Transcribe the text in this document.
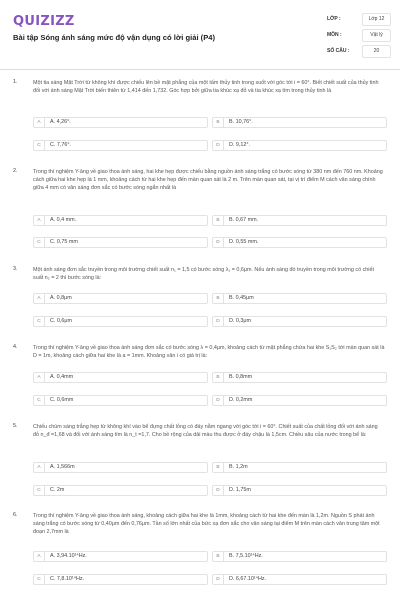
QUIZIZZ
Bài tập Sóng ánh sáng mức độ vận dụng có lời giải (P4)
LỚP :	Lớp 12
MÔN :	Vật lý
SỐ CÂU :	20
1.	Một tia sáng Mặt Trời từ không khí được chiếu lên bề mặt phẳng của một tấm thủy tinh trong suốt với góc tới i = 60°. Biết chiết suất của thủy tinh đối với ánh sáng Mặt Trời biến thiên từ 1,414 đến 1,732. Góc hợp bởi giữa tia khúc xạ đỏ và tia khúc xạ tím trong thủy tinh là
A	A. 4,26°.	B	B. 10,76°.
C	C. 7,76°.	D	D. 9,12°.
2.	Trong thí nghiệm Y-âng về giao thoa ánh sáng, hai khe hẹp được chiếu bằng nguồn ánh sáng trắng có bước sóng từ 380 nm đến 760 nm. Khoảng cách giữa hai khe hẹp là 1 mm, khoảng cách từ hai khe hẹp đến màn quan sát là 2 m. Trên màn quan sát, tại vị trí điểm M cách vân sáng chính giữa 4 mm có vân sáng đơn sắc có bước sóng ngắn nhất là
A	A. 0,4 mm.	B	B. 0,67 mm.
C	C. 0,75 mm	D	D. 0,55 mm.
3.	Một ánh sáng đơn sắc truyền trong môi trường chiết suất n₁ = 1,5 có bước sóng λ₁ = 0,6μm. Nếu ánh sáng đó truyền trong môi trường có chiết suất n₂ = 2 thì bước sóng là:
A	A. 0,8μm	B	B. 0,45μm
C	C. 0,6μm	D	D. 0,3μm
4.	Trong thí nghiệm Y-âng về giao thoa ánh sáng đơn sắc có bước sóng λ = 0,4μm, khoảng cách từ mặt phẳng chứa hai khe S₁S₂ tới màn quan sát là D = 1m, khoảng cách giữa hai khe là a = 1mm. Khoảng vân i có giá trị là:
A	A. 0,4mm	B	B. 0,8mm
C	C. 0,6mm	D	D. 0,2mm
5.	Chiếu chùm sáng trắng hẹp từ không khí vào bể đựng chất lỏng có đáy nằm ngang với góc tới i = 60°. Chiết suất của chất lỏng đối với ánh sáng đỏ n_đ =1,68 và đối với ánh sáng tím là n_t =1,7. Cho bề rộng của dải màu thu được ở đáy chậu là 1,5cm. Chiều sâu của nước trong bể là:
A	A. 1,566m	B	B. 1,2m
C	C. 2m	D	D. 1,75m
6.	Trong thí nghiệm Y-âng về giao thoa ánh sáng, khoảng cách giữa hai khe là 1mm, khoảng cách từ hai khe đến màn là 1,2m. Nguồn S phát ánh sáng trắng có bước sóng từ 0,40μm đến 0,76μm. Tần số lớn nhất của bức xạ đơn sắc cho vân sáng tại điểm M trên màn cách vân trung tâm một đoạn 2,7mm là
A	A. 3,94.10¹⁴Hz.	B	B. 7,5.10¹⁴Hz.
C	C. 7,8.10¹⁴Hz.	D	D. 6,67.10¹⁴Hz.
